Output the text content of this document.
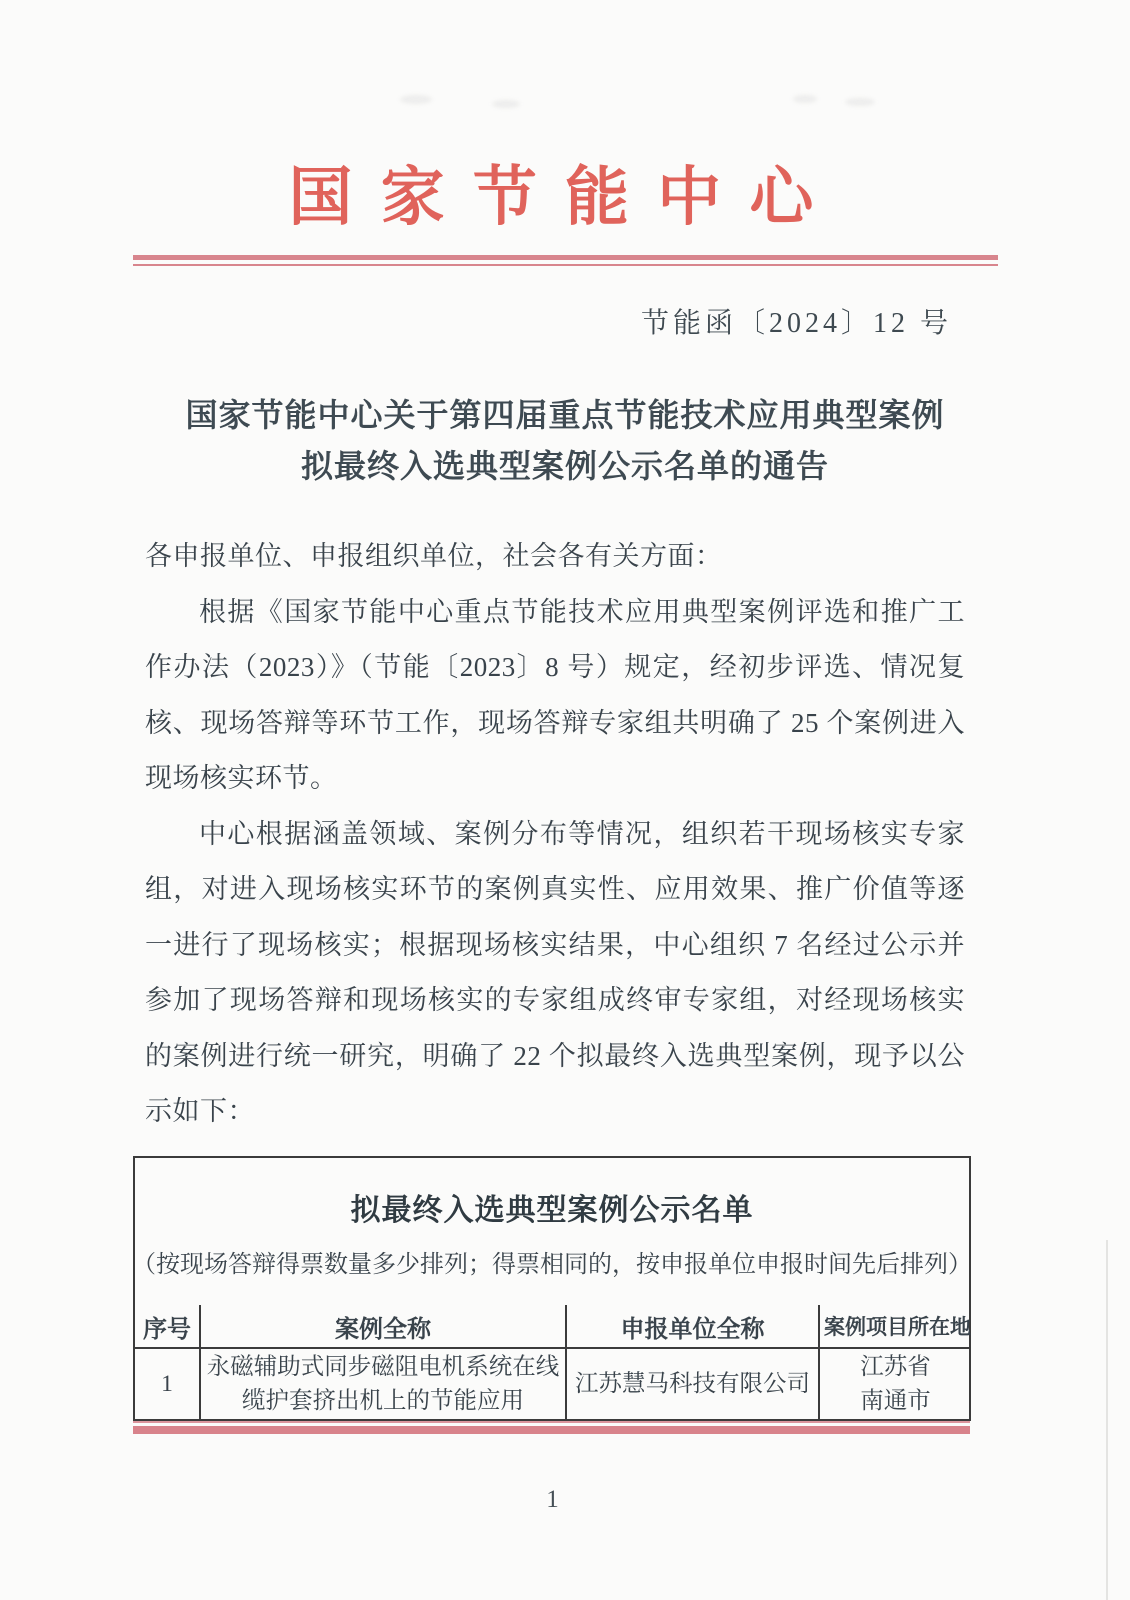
国家节能中心
节能函〔2024〕12 号
国家节能中心关于第四届重点节能技术应用典型案例
拟最终入选典型案例公示名单的通告

各申报单位、申报组织单位，社会各有关方面：

根据《国家节能中心重点节能技术应用典型案例评选和推广工作办法（2023）》（节能〔2023〕8 号）规定，经初步评选、情况复核、现场答辩等环节工作，现场答辩专家组共明确了 25 个案例进入现场核实环节。

中心根据涵盖领域、案例分布等情况，组织若干现场核实专家组，对进入现场核实环节的案例真实性、应用效果、推广价值等逐一进行了现场核实；根据现场核实结果，中心组织 7 名经过公示并参加了现场答辩和现场核实的专家组成终审专家组，对经现场核实的案例进行统一研究，明确了 22 个拟最终入选典型案例，现予以公示如下：

拟最终入选典型案例公示名单
（按现场答辩得票数量多少排列；得票相同的，按申报单位申报时间先后排列）
序号	案例全称	申报单位全称	案例项目所在地
1	永磁辅助式同步磁阻电机系统在线缆护套挤出机上的节能应用	江苏慧马科技有限公司	江苏省
南通市
1
